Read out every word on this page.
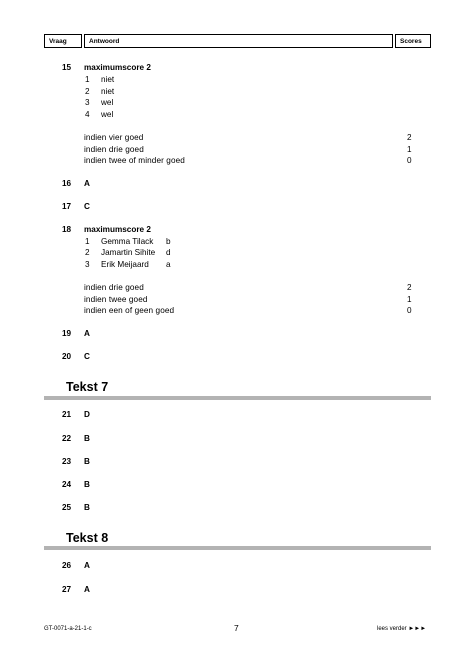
Vraag	Antwoord	Scores
15 maximumscore 2
1 niet
2 niet
3 wel
4 wel
indien vier goed	2
indien drie goed	1
indien twee of minder goed	0
16 A
17 C
18 maximumscore 2
1 Gemma Tilack b
2 Jamartin Sihite d
3 Erik Meijaard a
indien drie goed	2
indien twee goed	1
indien een of geen goed	0
19 A
20 C
Tekst 7
21 D
22 B
23 B
24 B
25 B
Tekst 8
26 A
27 A
GT-0071-a-21-1-c	7	lees verder ►►►
